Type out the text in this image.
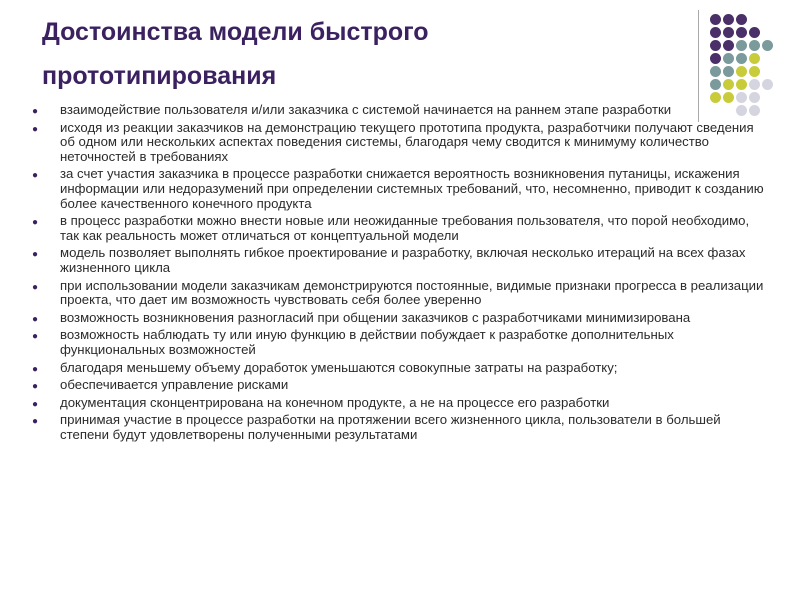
Достоинства модели быстрого
прототипирования
● взаимодействие пользователя и/или заказчика с системой начинается на раннем этапе разработки
● исходя из реакции заказчиков на демонстрацию текущего прототипа продукта, разработчики получают сведения об одном или нескольких аспектах поведения системы, благодаря чему сводится к минимуму количество неточностей в требованиях
● за счет участия заказчика в процессе разработки снижается вероятность возникновения путаницы, искажения информации или недоразумений при определении системных требований, что, несомненно, приводит к созданию более качественного конечного продукта
● в процесс разработки можно внести новые или неожиданные требования пользователя, что порой необходимо, так как реальность может отличаться от концептуальной модели
● модель позволяет выполнять гибкое проектирование и разработку, включая несколько итераций на всех фазах жизненного цикла
● при использовании модели заказчикам демонстрируются постоянные, видимые признаки прогресса в реализации проекта, что дает им возможность чувствовать себя более уверенно
● возможность возникновения разногласий при общении заказчиков с разработчиками минимизирована
● возможность наблюдать ту или иную функцию в действии побуждает к разработке дополнительных функциональных возможностей
● благодаря меньшему объему доработок уменьшаются совокупные затраты на разработку;
● обеспечивается управление рисками
● документация сконцентрирована на конечном продукте, а не на процессе его разработки
● принимая участие в процессе разработки на протяжении всего жизненного цикла, пользователи в большей степени будут удовлетворены полученными результатами
